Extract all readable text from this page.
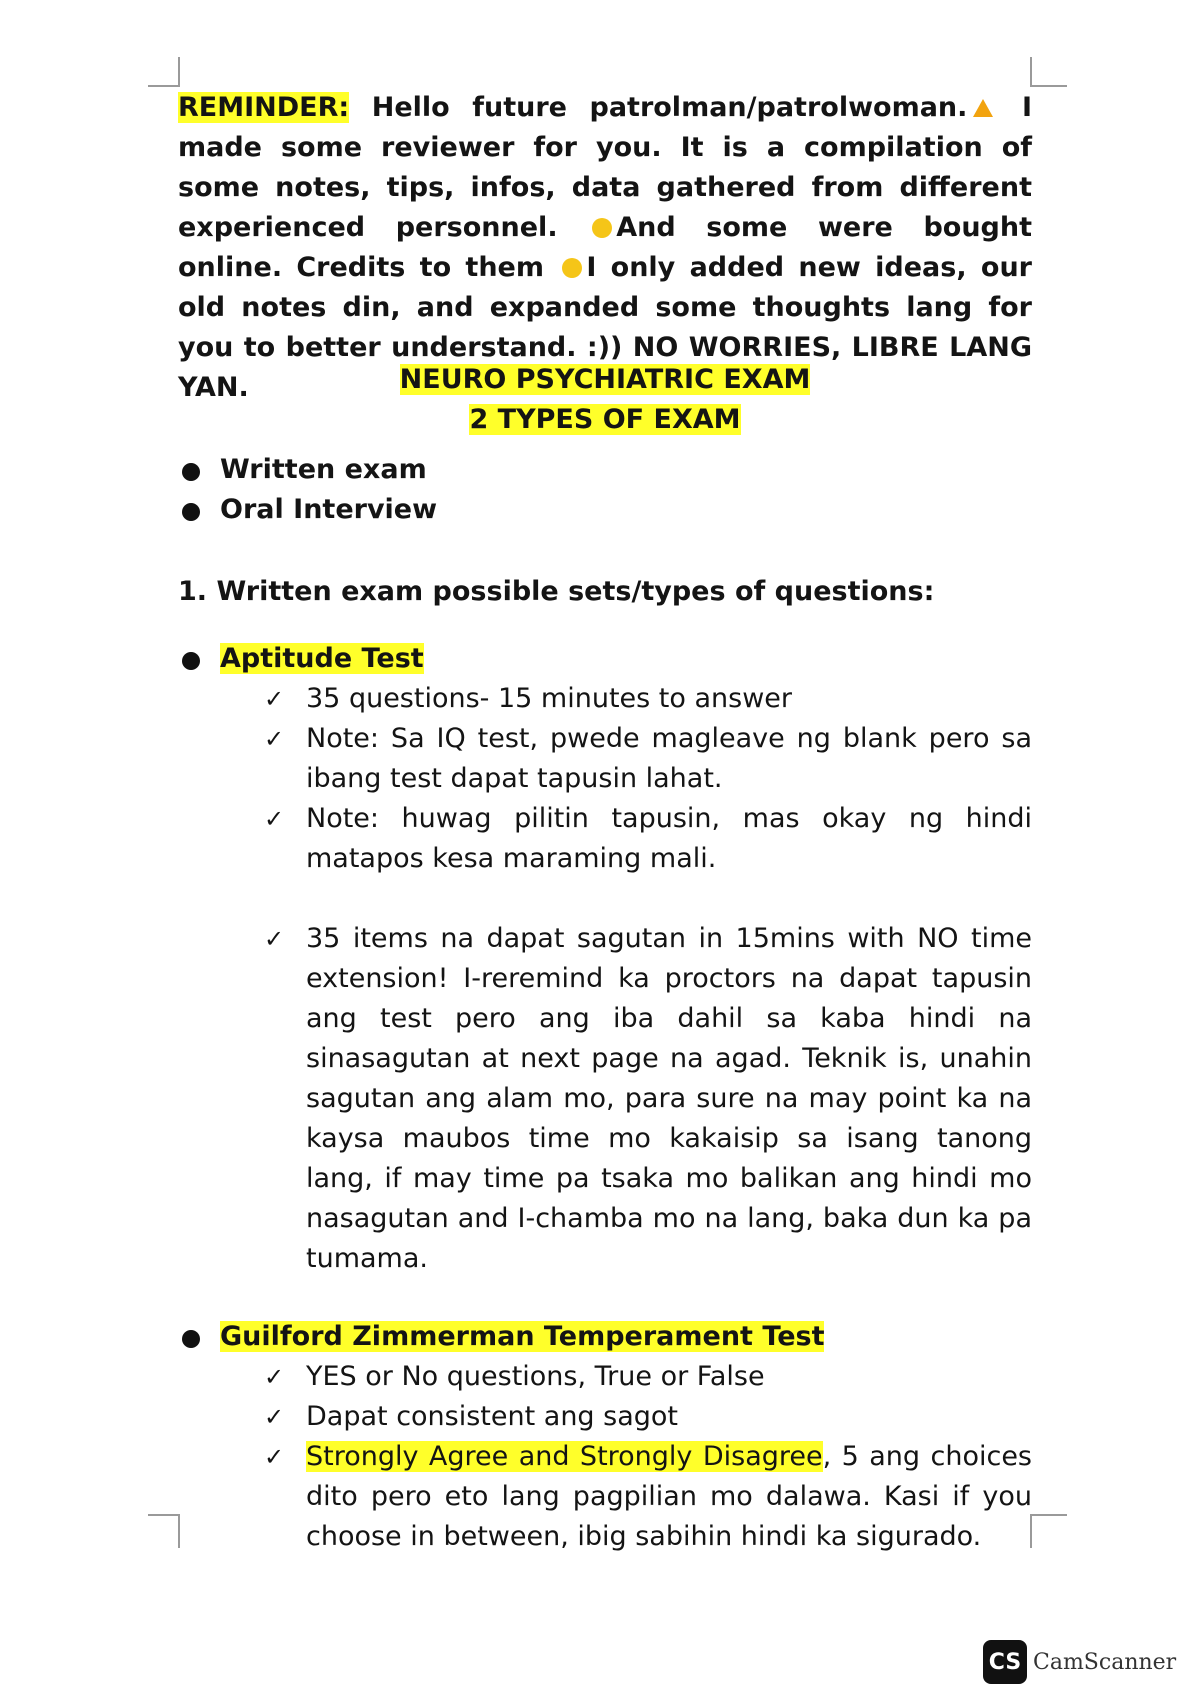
REMINDER: Hello future patrolman/patrolwoman. I made some reviewer for you. It is a compilation of some notes, tips, infos, data gathered from different experienced personnel. And some were bought online. Credits to them I only added new ideas, our old notes din, and expanded some thoughts lang for you to better understand. :)) NO WORRIES, LIBRE LANG YAN.	NEURO PSYCHIATRIC EXAM

2 TYPES OF EXAM

Written exam
Oral Interview

1. Written exam possible sets/types of questions:

Aptitude Test
✓ 35 questions- 15 minutes to answer
✓ Note: Sa IQ test, pwede magleave ng blank pero sa ibang test dapat tapusin lahat.
✓ Note: huwag pilitin tapusin, mas okay ng hindi matapos kesa maraming mali.
✓ 35 items na dapat sagutan in 15mins with NO time extension! I-reremind ka proctors na dapat tapusin ang test pero ang iba dahil sa kaba hindi na sinasagutan at next page na agad. Teknik is, unahin sagutan ang alam mo, para sure na may point ka na kaysa maubos time mo kakaisip sa isang tanong lang, if may time pa tsaka mo balikan ang hindi mo nasagutan and I-chamba mo na lang, baka dun ka pa tumama.
Guilford Zimmerman Temperament Test
✓ YES or No questions, True or False
✓ Dapat consistent ang sagot
✓ Strongly Agree and Strongly Disagree, 5 ang choices dito pero eto lang pagpilian mo dalawa. Kasi if you choose in between, ibig sabihin hindi ka sigurado.
CS CamScanner
